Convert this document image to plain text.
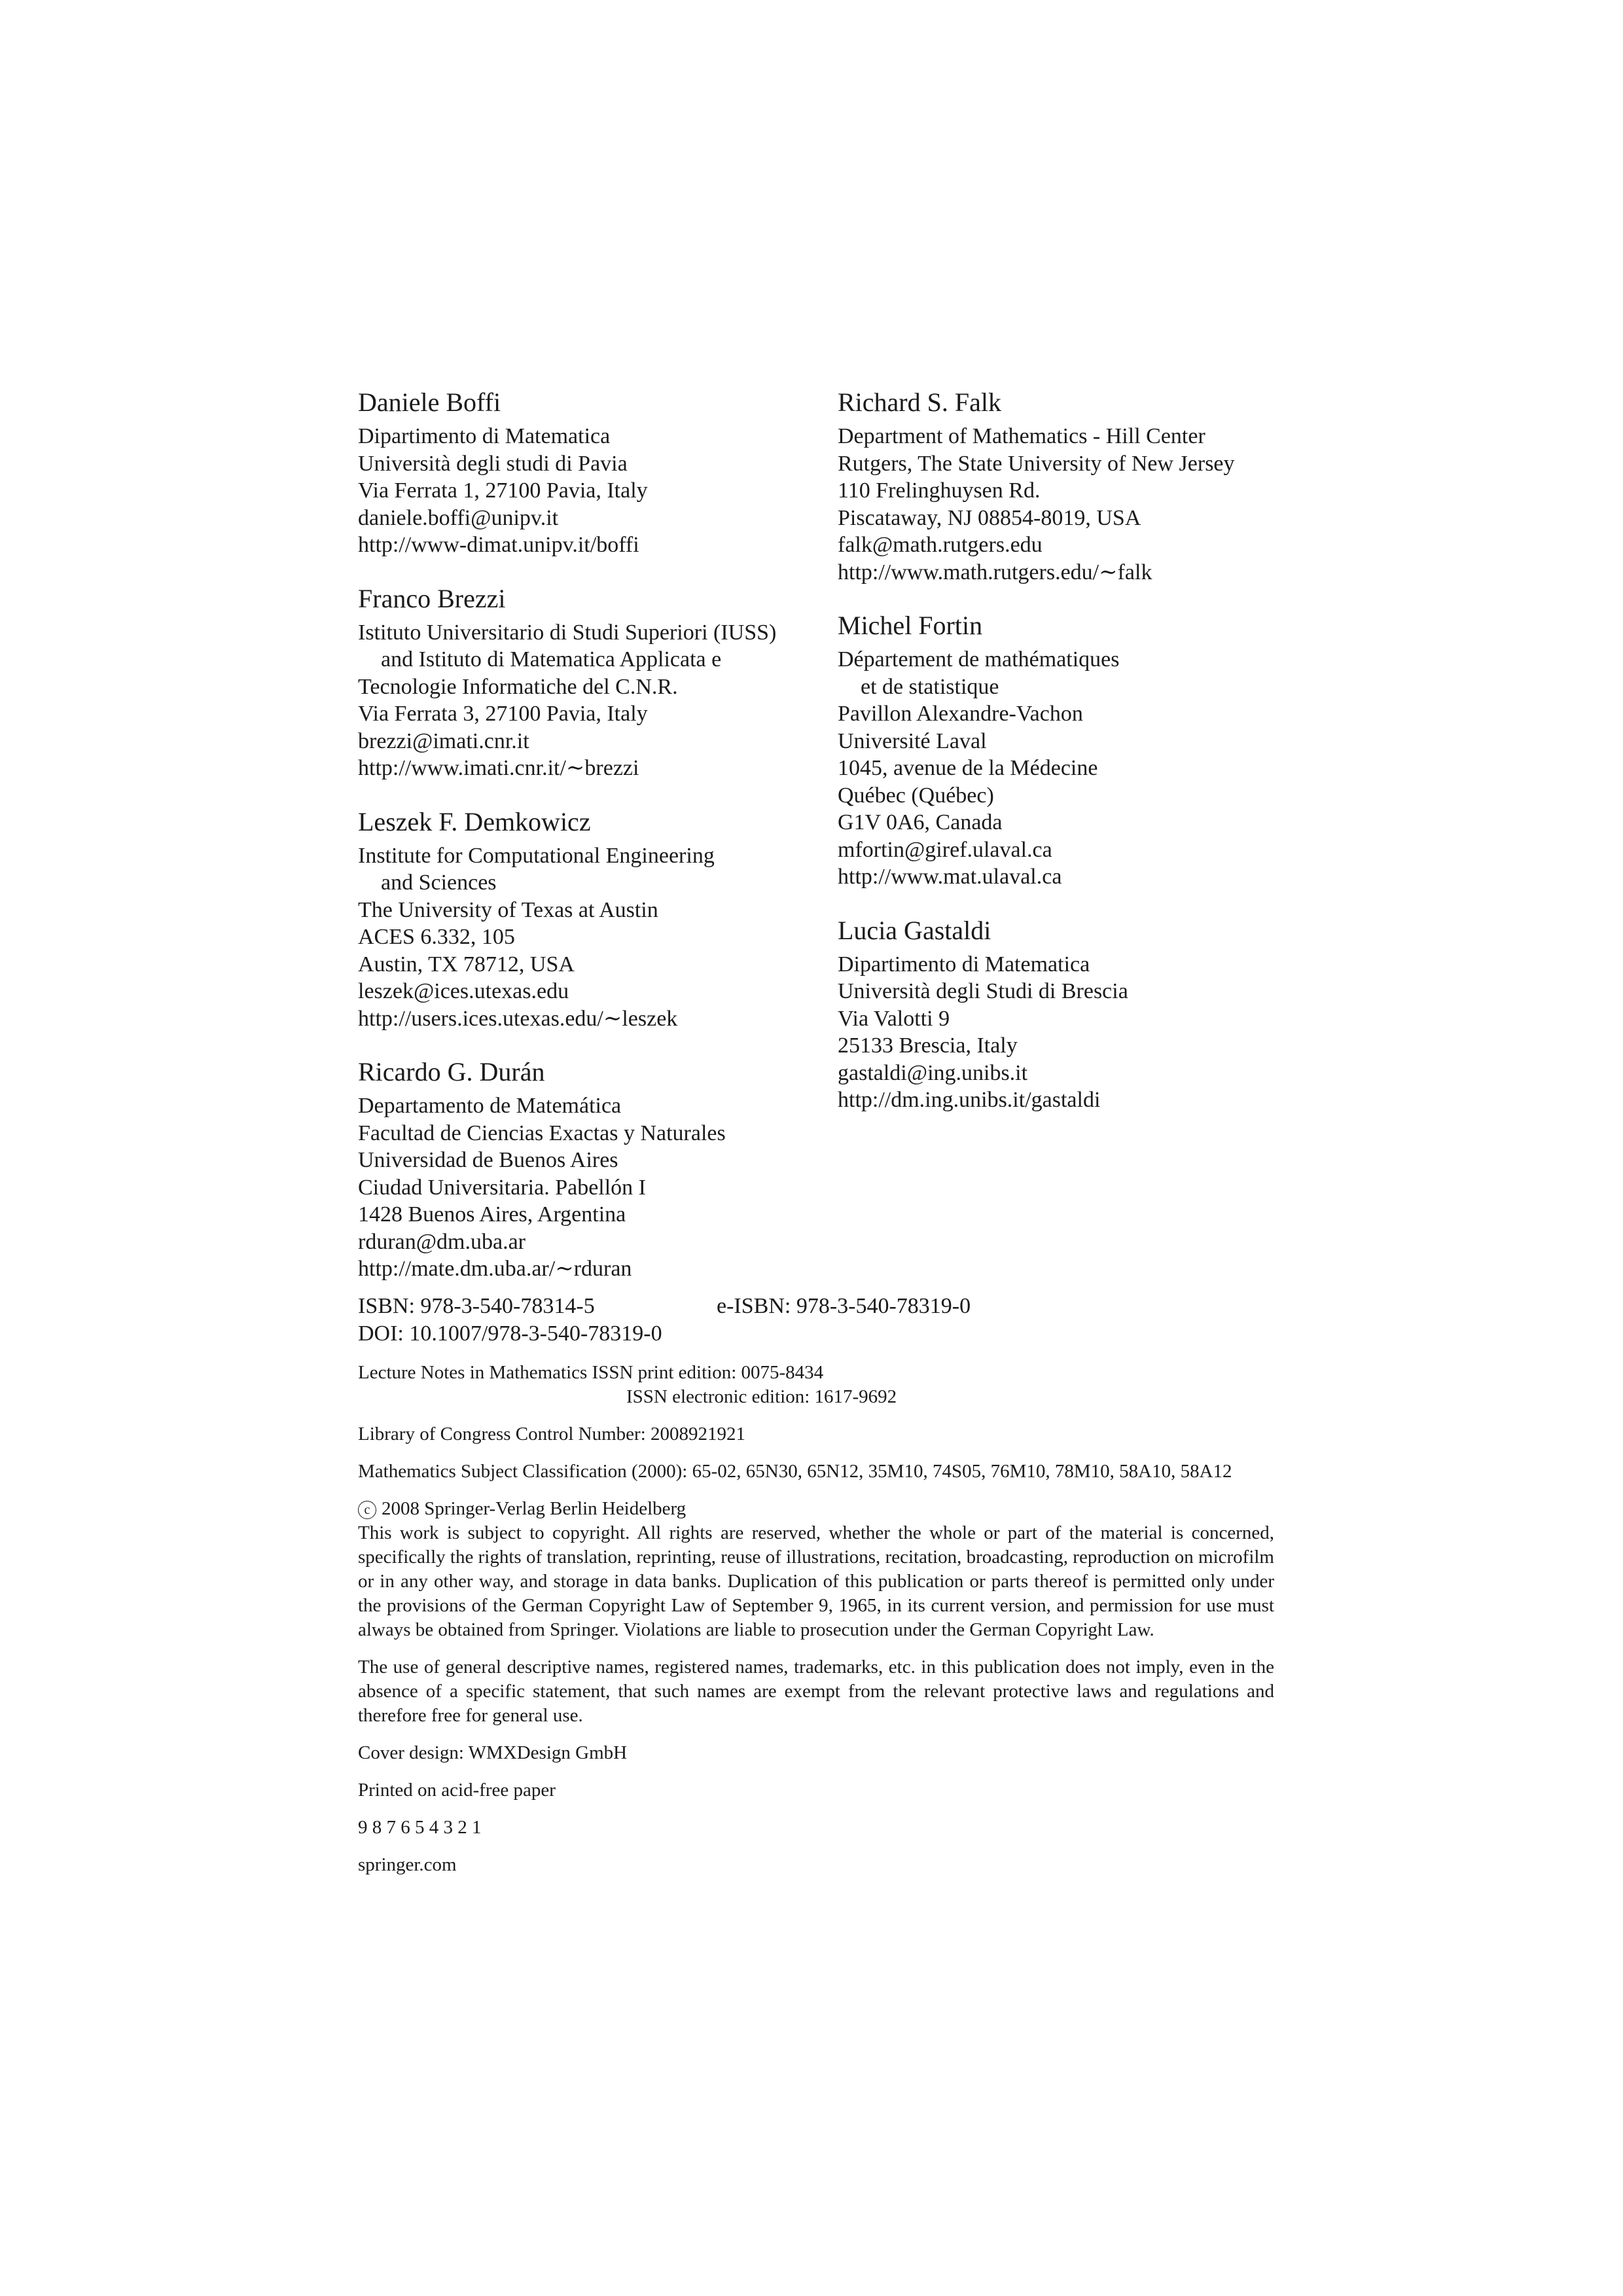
Daniele Boffi
Dipartimento di Matematica
Università degli studi di Pavia
Via Ferrata 1, 27100 Pavia, Italy
daniele.boffi@unipv.it
http://www-dimat.unipv.it/boffi
Franco Brezzi
Istituto Universitario di Studi Superiori (IUSS)
and Istituto di Matematica Applicata e
Tecnologie Informatiche del C.N.R.
Via Ferrata 3, 27100 Pavia, Italy
brezzi@imati.cnr.it
http://www.imati.cnr.it/∼brezzi
Leszek F. Demkowicz
Institute for Computational Engineering
and Sciences
The University of Texas at Austin
ACES 6.332, 105
Austin, TX 78712, USA
leszek@ices.utexas.edu
http://users.ices.utexas.edu/∼leszek
Ricardo G. Durán
Departamento de Matemática
Facultad de Ciencias Exactas y Naturales
Universidad de Buenos Aires
Ciudad Universitaria. Pabellón I
1428 Buenos Aires, Argentina
rduran@dm.uba.ar
http://mate.dm.uba.ar/∼rduran
Richard S. Falk
Department of Mathematics - Hill Center
Rutgers, The State University of New Jersey
110 Frelinghuysen Rd.
Piscataway, NJ 08854-8019, USA
falk@math.rutgers.edu
http://www.math.rutgers.edu/∼falk
Michel Fortin
Département de mathématiques
et de statistique
Pavillon Alexandre-Vachon
Université Laval
1045, avenue de la Médecine
Québec (Québec)
G1V 0A6, Canada
mfortin@giref.ulaval.ca
http://www.mat.ulaval.ca
Lucia Gastaldi
Dipartimento di Matematica
Università degli Studi di Brescia
Via Valotti 9
25133 Brescia, Italy
gastaldi@ing.unibs.it
http://dm.ing.unibs.it/gastaldi
ISBN: 978-3-540-78314-5	e-ISBN: 978-3-540-78319-0
DOI: 10.1007/978-3-540-78319-0
Lecture Notes in Mathematics ISSN print edition: 0075-8434
ISSN electronic edition: 1617-9692
Library of Congress Control Number: 2008921921
Mathematics Subject Classification (2000): 65-02, 65N30, 65N12, 35M10, 74S05, 76M10, 78M10, 58A10, 58A12
c 2008 Springer-Verlag Berlin Heidelberg
This work is subject to copyright. All rights are reserved, whether the whole or part of the material is concerned, specifically the rights of translation, reprinting, reuse of illustrations, recitation, broadcasting, reproduction on microfilm or in any other way, and storage in data banks. Duplication of this publication or parts thereof is permitted only under the provisions of the German Copyright Law of September 9, 1965, in its current version, and permission for use must always be obtained from Springer. Violations are liable to prosecution under the German Copyright Law.
The use of general descriptive names, registered names, trademarks, etc. in this publication does not imply, even in the absence of a specific statement, that such names are exempt from the relevant protective laws and regulations and therefore free for general use.
Cover design: WMXDesign GmbH
Printed on acid-free paper
9 8 7 6 5 4 3 2 1
springer.com
